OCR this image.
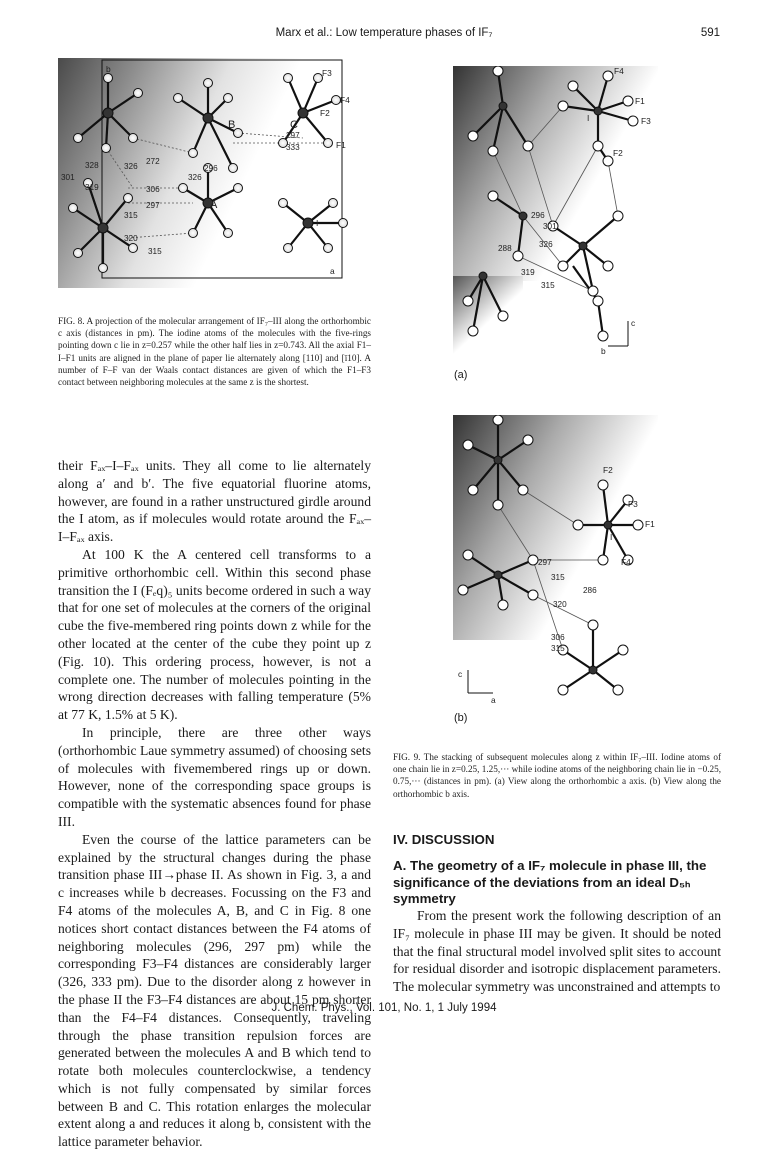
Marx et al.: Low temperature phases of IF₇	591
297
333
296
326
272
326
328
301
319	306
297
315
320
315
F3
F4
F2
F1
B	C
A
I
b
a
FIG. 8. A projection of the molecular arrangement of IF₇–III along the orthorhombic c axis (distances in pm). The iodine atoms of the molecules with the five-rings pointing down c lie in z=0.257 while the other half lies in z=0.743. All the axial F1–I–F1 units are aligned in the plane of paper lie alternately along [110] and [ī10]. A number of F–F van der Waals contact distances are given of which the F1–F3 contact between neighboring molecules at the same z is the shortest.
F4
F1
F3
I
F2
296
301
326
288
319
315
c
b
(a)
F2
F3
F1
I
F4
297
315
286
320
306
315
c
a
(b)
FIG. 9. The stacking of subsequent molecules along z within IF₇–III. Iodine atoms of one chain lie in z=0.25, 1.25,··· while iodine atoms of the neighboring chain lie in −0.25, 0.75,··· (distances in pm). (a) View along the orthorhombic a axis. (b) View along the orthorhombic b axis.

their Fₐₓ–I–Fₐₓ units. They all come to lie alternately along a′ and b′. The five equatorial fluorine atoms, however, are found in a rather unstructured girdle around the I atom, as if molecules would rotate around the Fₐₓ–I–Fₐₓ axis.

At 100 K the A centered cell transforms to a primitive orthorhombic cell. Within this second phase transition the I (Fₑq)₅ units become ordered in such a way that for one set of molecules at the corners of the original cube the five-membered ring points down z while for the other located at the center of the cube they point up z (Fig. 10). This ordering process, however, is not a complete one. The number of molecules pointing in the wrong direction decreases with falling temperature (5% at 77 K, 1.5% at 5 K).

In principle, there are three other ways (orthorhombic Laue symmetry assumed) of choosing sets of molecules with fivemembered rings up or down. However, none of the corresponding space groups is compatible with the systematic absences found for phase III.

Even the course of the lattice parameters can be explained by the structural changes during the phase transition phase III→phase II. As shown in Fig. 3, a and c increases while b decreases. Focussing on the F3 and F4 atoms of the molecules A, B, and C in Fig. 8 one notices short contact distances between the F4 atoms of neighboring molecules (296, 297 pm) while the corresponding F3–F4 distances are considerably larger (326, 333 pm). Due to the disorder along z however in the phase II the F3–F4 distances are about 15 pm shorter than the F4–F4 distances. Consequently, traveling through the phase transition repulsion forces are generated between the molecules A and B which tend to rotate both molecules counterclockwise, a tendency which is not fully compensated by similar forces between B and C. This rotation enlarges the molecular extent along a and reduces it along b, consistent with the lattice parameter behavior.

IV. DISCUSSION
A. The geometry of a IF₇ molecule in phase III, the significance of the deviations from an ideal D₅ₕ symmetry

From the present work the following description of an IF₇ molecule in phase III may be given. It should be noted that the final structural model involved split sites to account for residual disorder and isotropic displacement parameters. The molecular symmetry was unconstrained and attempts to

J. Chem. Phys., Vol. 101, No. 1, 1 July 1994
